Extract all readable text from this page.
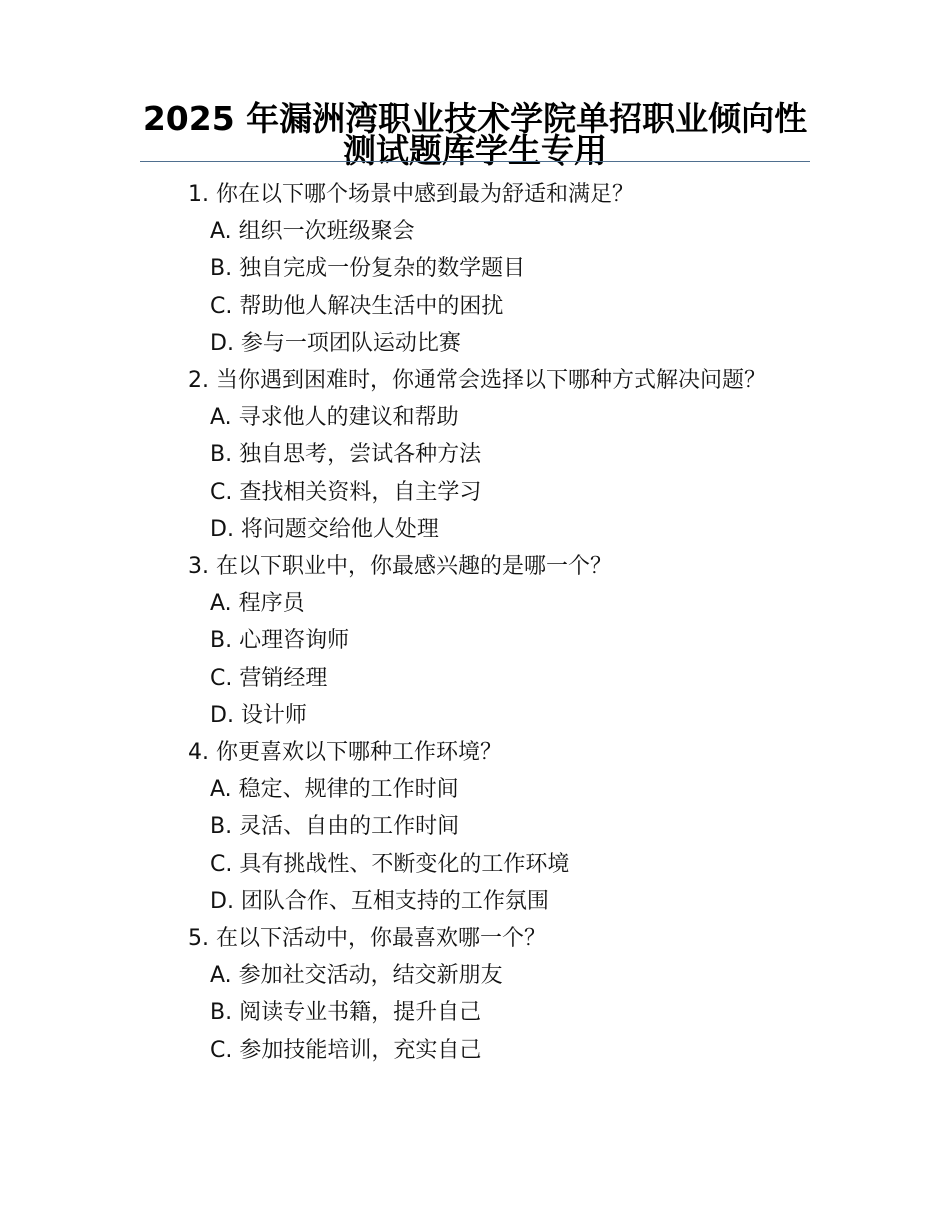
2025 年漏洲湾职业技术学院单招职业倾向性测试题库学生专用

1. 你在以下哪个场景中感到最为舒适和满足？

A. 组织一次班级聚会

B. 独自完成一份复杂的数学题目

C. 帮助他人解决生活中的困扰

D. 参与一项团队运动比赛

2. 当你遇到困难时，你通常会选择以下哪种方式解决问题？

A. 寻求他人的建议和帮助

B. 独自思考，尝试各种方法

C. 查找相关资料，自主学习

D. 将问题交给他人处理

3. 在以下职业中，你最感兴趣的是哪一个？

A. 程序员

B. 心理咨询师

C. 营销经理

D. 设计师

4. 你更喜欢以下哪种工作环境？

A. 稳定、规律的工作时间

B. 灵活、自由的工作时间

C. 具有挑战性、不断变化的工作环境

D. 团队合作、互相支持的工作氛围

5. 在以下活动中，你最喜欢哪一个？

A. 参加社交活动，结交新朋友

B. 阅读专业书籍，提升自己

C. 参加技能培训，充实自己
